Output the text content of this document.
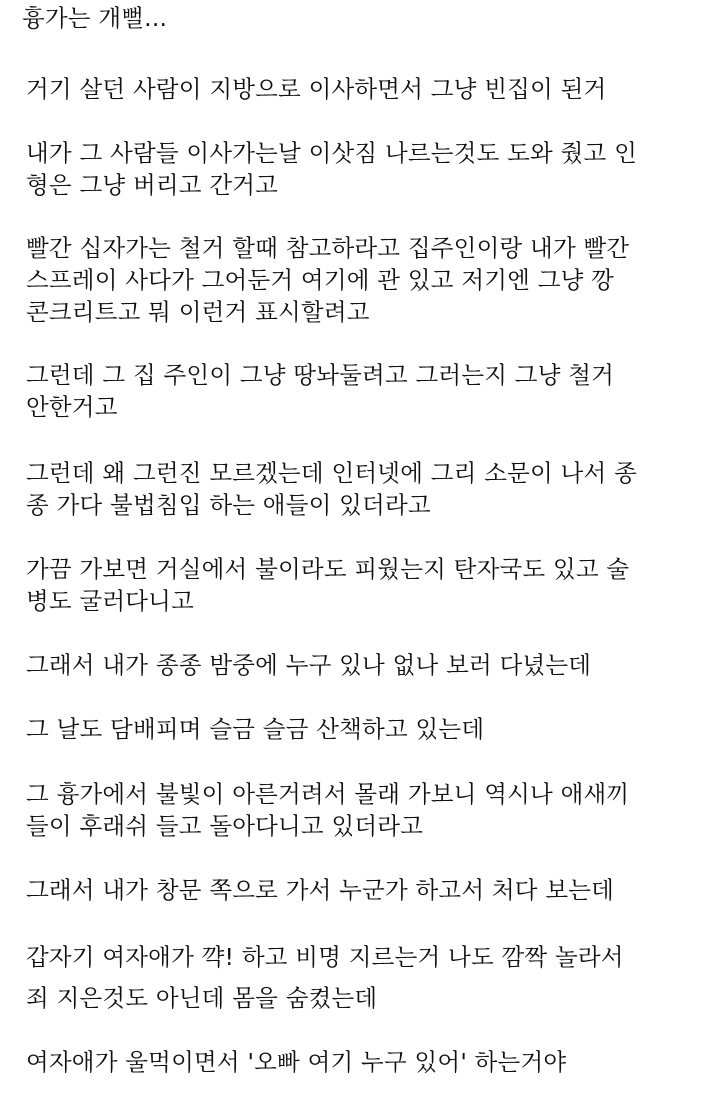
흉가는 개뻘...
거기 살던 사람이 지방으로 이사하면서 그냥 빈집이 된거
내가 그 사람들 이사가는날 이삿짐 나르는것도 도와 줬고 인
형은 그냥 버리고 간거고
빨간 십자가는 철거 할때 참고하라고 집주인이랑 내가 빨간
스프레이 사다가 그어둔거 여기에 관 있고 저기엔 그냥 깡
콘크리트고 뭐 이런거 표시할려고
그런데 그 집 주인이 그냥 땅놔둘려고 그러는지 그냥 철거
안한거고
그런데 왜 그런진 모르겠는데 인터넷에 그리 소문이 나서 종
종 가다 불법침입 하는 애들이 있더라고
가끔 가보면 거실에서 불이라도 피웠는지 탄자국도 있고 술
병도 굴러다니고
그래서 내가 종종 밤중에 누구 있나 없나 보러 다녔는데
그 날도 담배피며 슬금 슬금 산책하고 있는데
그 흉가에서 불빛이 아른거려서 몰래 가보니 역시나 애새끼
들이 후래쉬 들고 돌아다니고 있더라고
그래서 내가 창문 쪽으로 가서 누군가 하고서 처다 보는데
갑자기 여자애가 꺅! 하고 비명 지르는거 나도 깜짝 놀라서
죄 지은것도 아닌데 몸을 숨켰는데
여자애가 울먹이면서 '오빠 여기 누구 있어' 하는거야
